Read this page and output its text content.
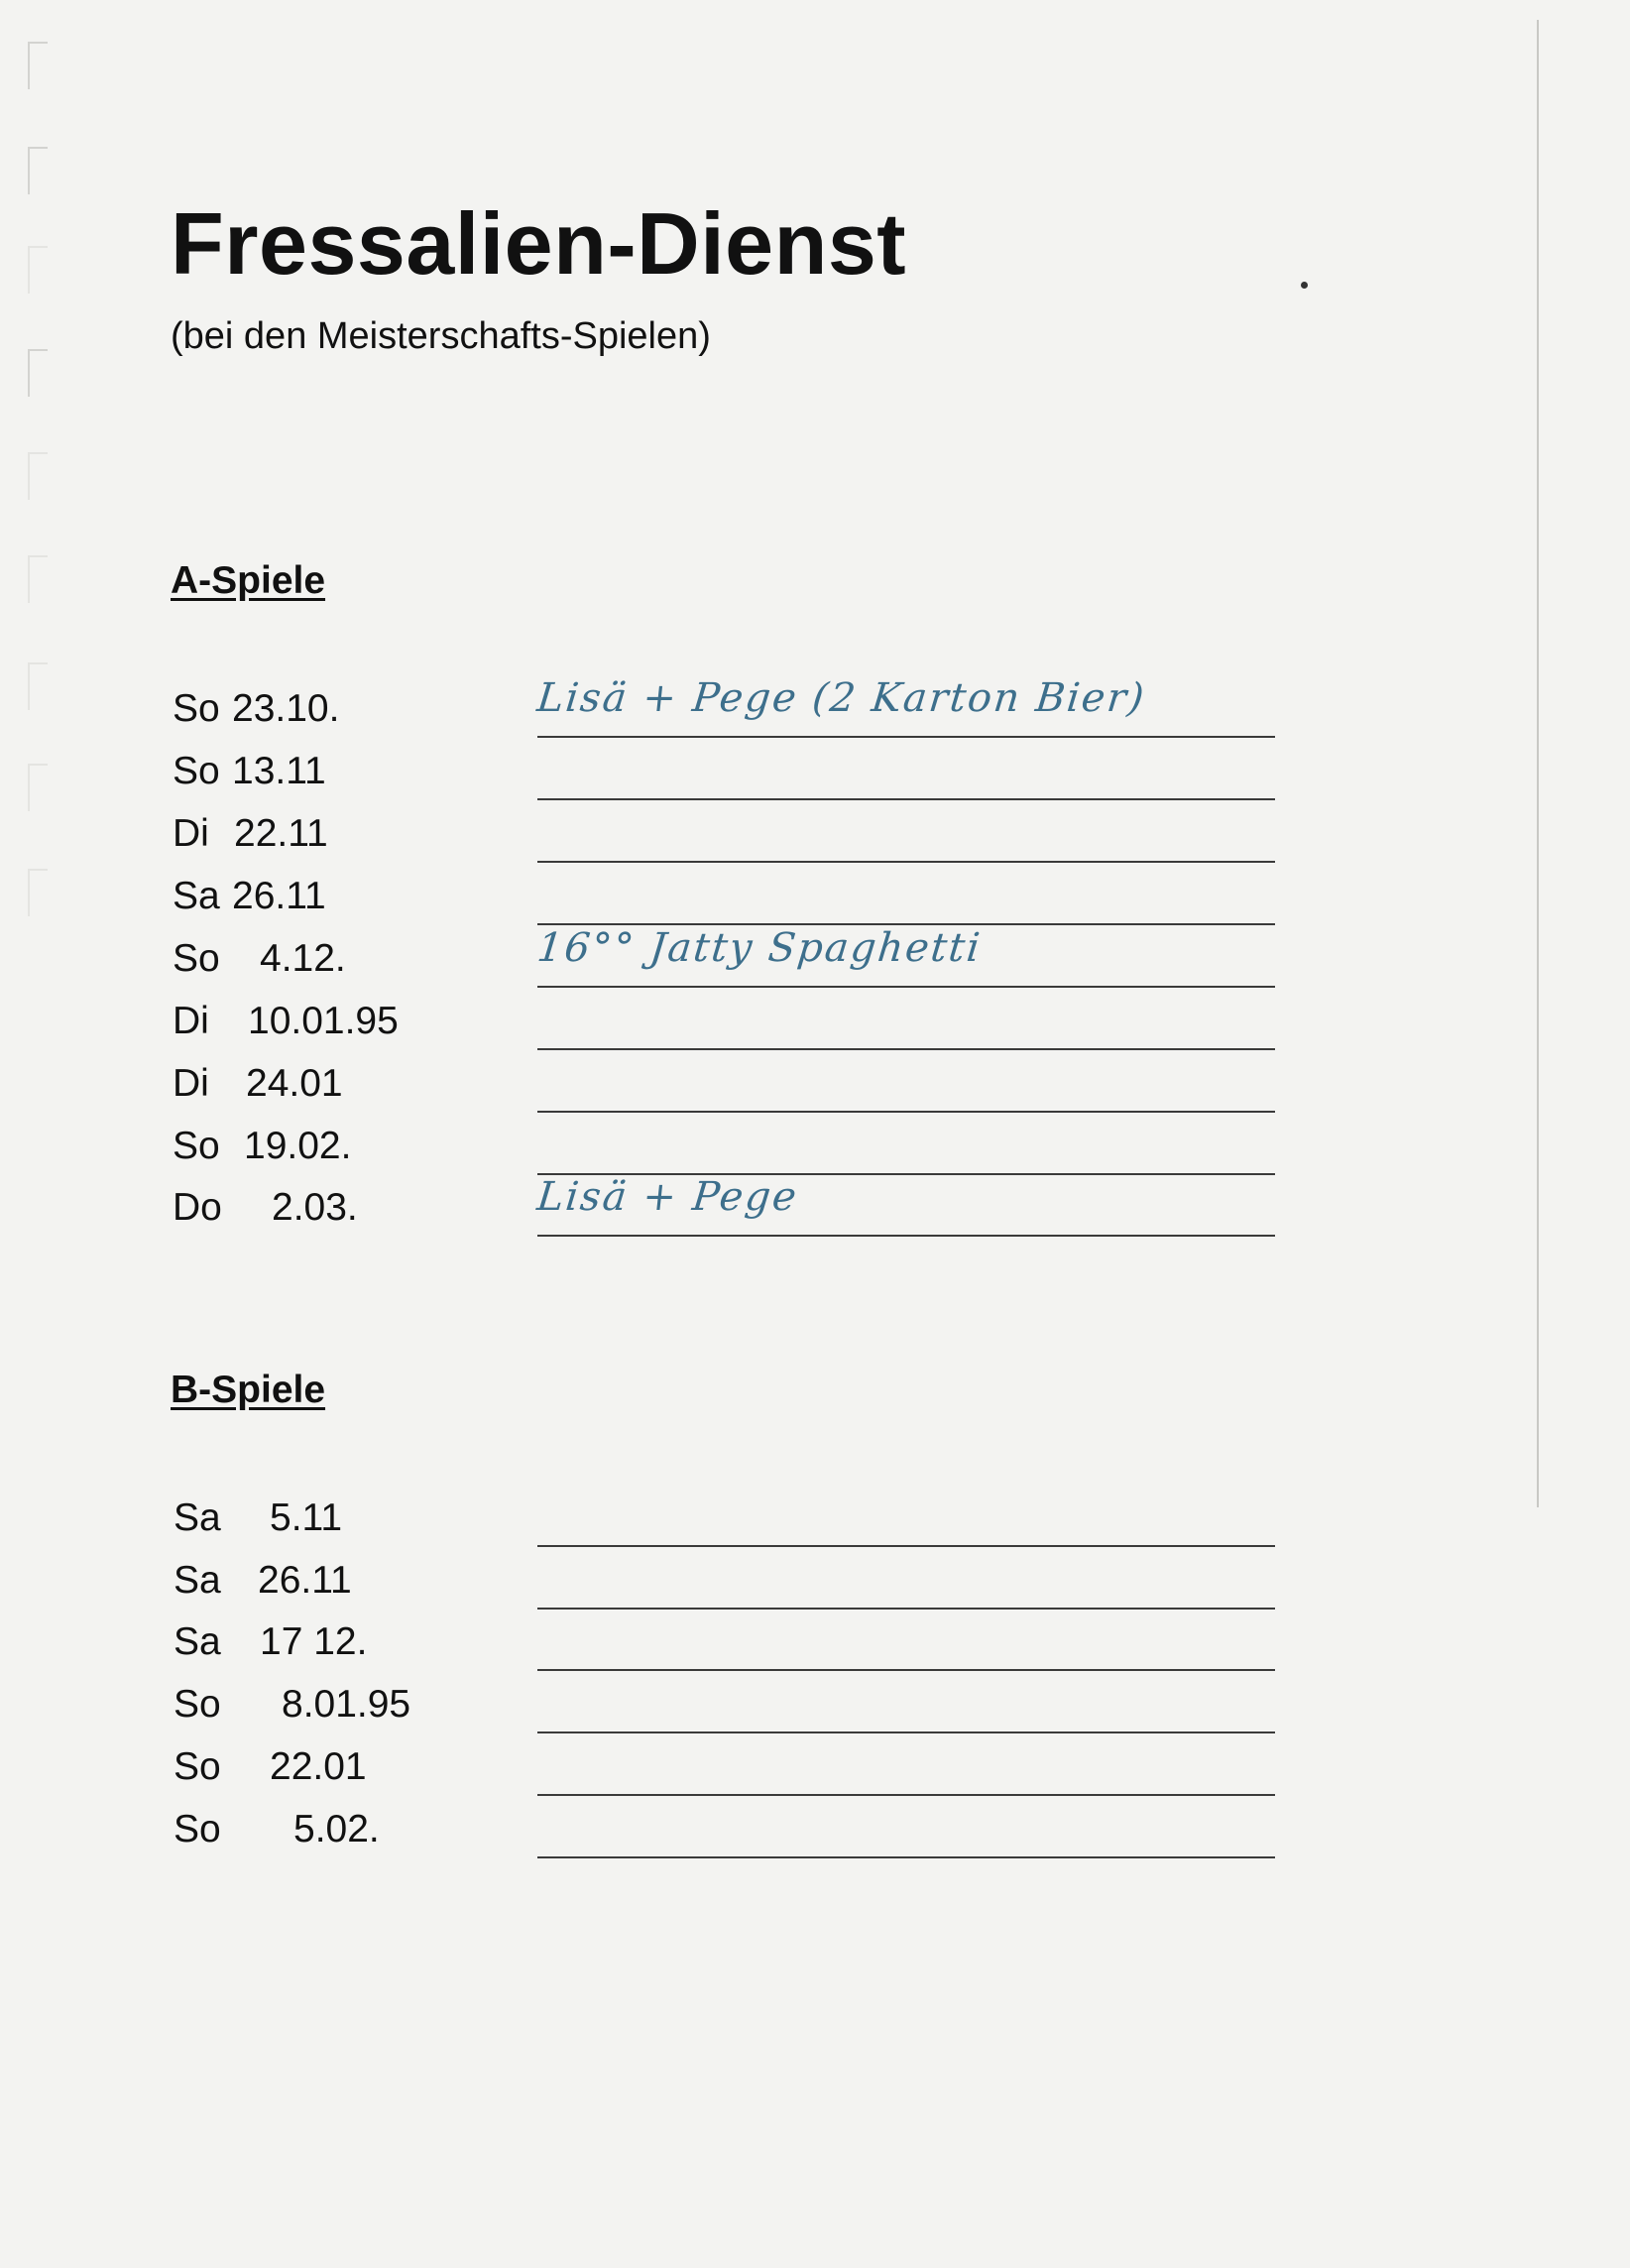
Fressalien-Dienst
(bei den Meisterschafts-Spielen)
A-Spiele
So 23.10.	Lisä + Pege (2 Karton Bier)
So 13.11
Di 22.11
Sa 26.11
So 4.12.	16°° Jatty Spaghetti
Di 10.01.95
Di 24.01
So 19.02.
Do 2.03.	Lisä + Pege
B-Spiele
Sa 5.11
Sa 26.11
Sa 17 12.
So 8.01.95
So 22.01
So 5.02.
